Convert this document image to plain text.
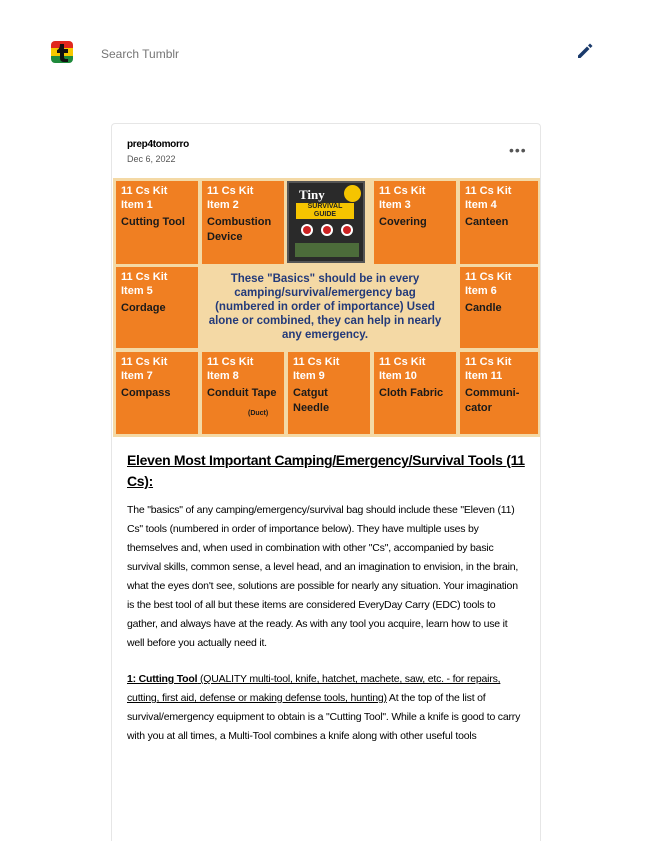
Search Tumblr
prep4tomorro
Dec 6, 2022
•••
11 Cs Kit
Item 1
Cutting Tool
11 Cs Kit
Item 2
Combustion Device
Tiny
SURVIVAL GUIDE
11 Cs Kit
Item 3
Covering
11 Cs Kit
Item 4
Canteen
11 Cs Kit
Item 5
Cordage
These "Basics" should be in every camping/survival/emergency bag (numbered in order of importance) Used alone or combined, they can help in nearly any emergency.
11 Cs Kit
Item 6
Candle
11 Cs Kit
Item 7
Compass
11 Cs Kit
Item 8
Conduit Tape
(Duct)
11 Cs Kit
Item 9
Catgut Needle
11 Cs Kit
Item 10
Cloth Fabric
11 Cs Kit
Item 11
Communi-cator
Eleven Most Important Camping/Emergency/Survival Tools (11 Cs):
The "basics" of any camping/emergency/survival bag should include these "Eleven (11) Cs" tools (numbered in order of importance below). They have multiple uses by themselves and, when used in combination with other "Cs", accompanied by basic survival skills, common sense, a level head, and an imagination to envision, in the brain, what the eyes don't see, solutions are possible for nearly any situation. Your imagination is the best tool of all but these items are considered EveryDay Carry (EDC) tools to gather, and always have at the ready. As with any tool you acquire, learn how to use it well before you actually need it.
1: Cutting Tool (QUALITY multi-tool, knife, hatchet, machete, saw, etc. - for repairs, cutting, first aid, defense or making defense tools, hunting) At the top of the list of survival/emergency equipment to obtain is a "Cutting Tool". While a knife is good to carry with you at all times, a Multi-Tool combines a knife along with other useful tools
